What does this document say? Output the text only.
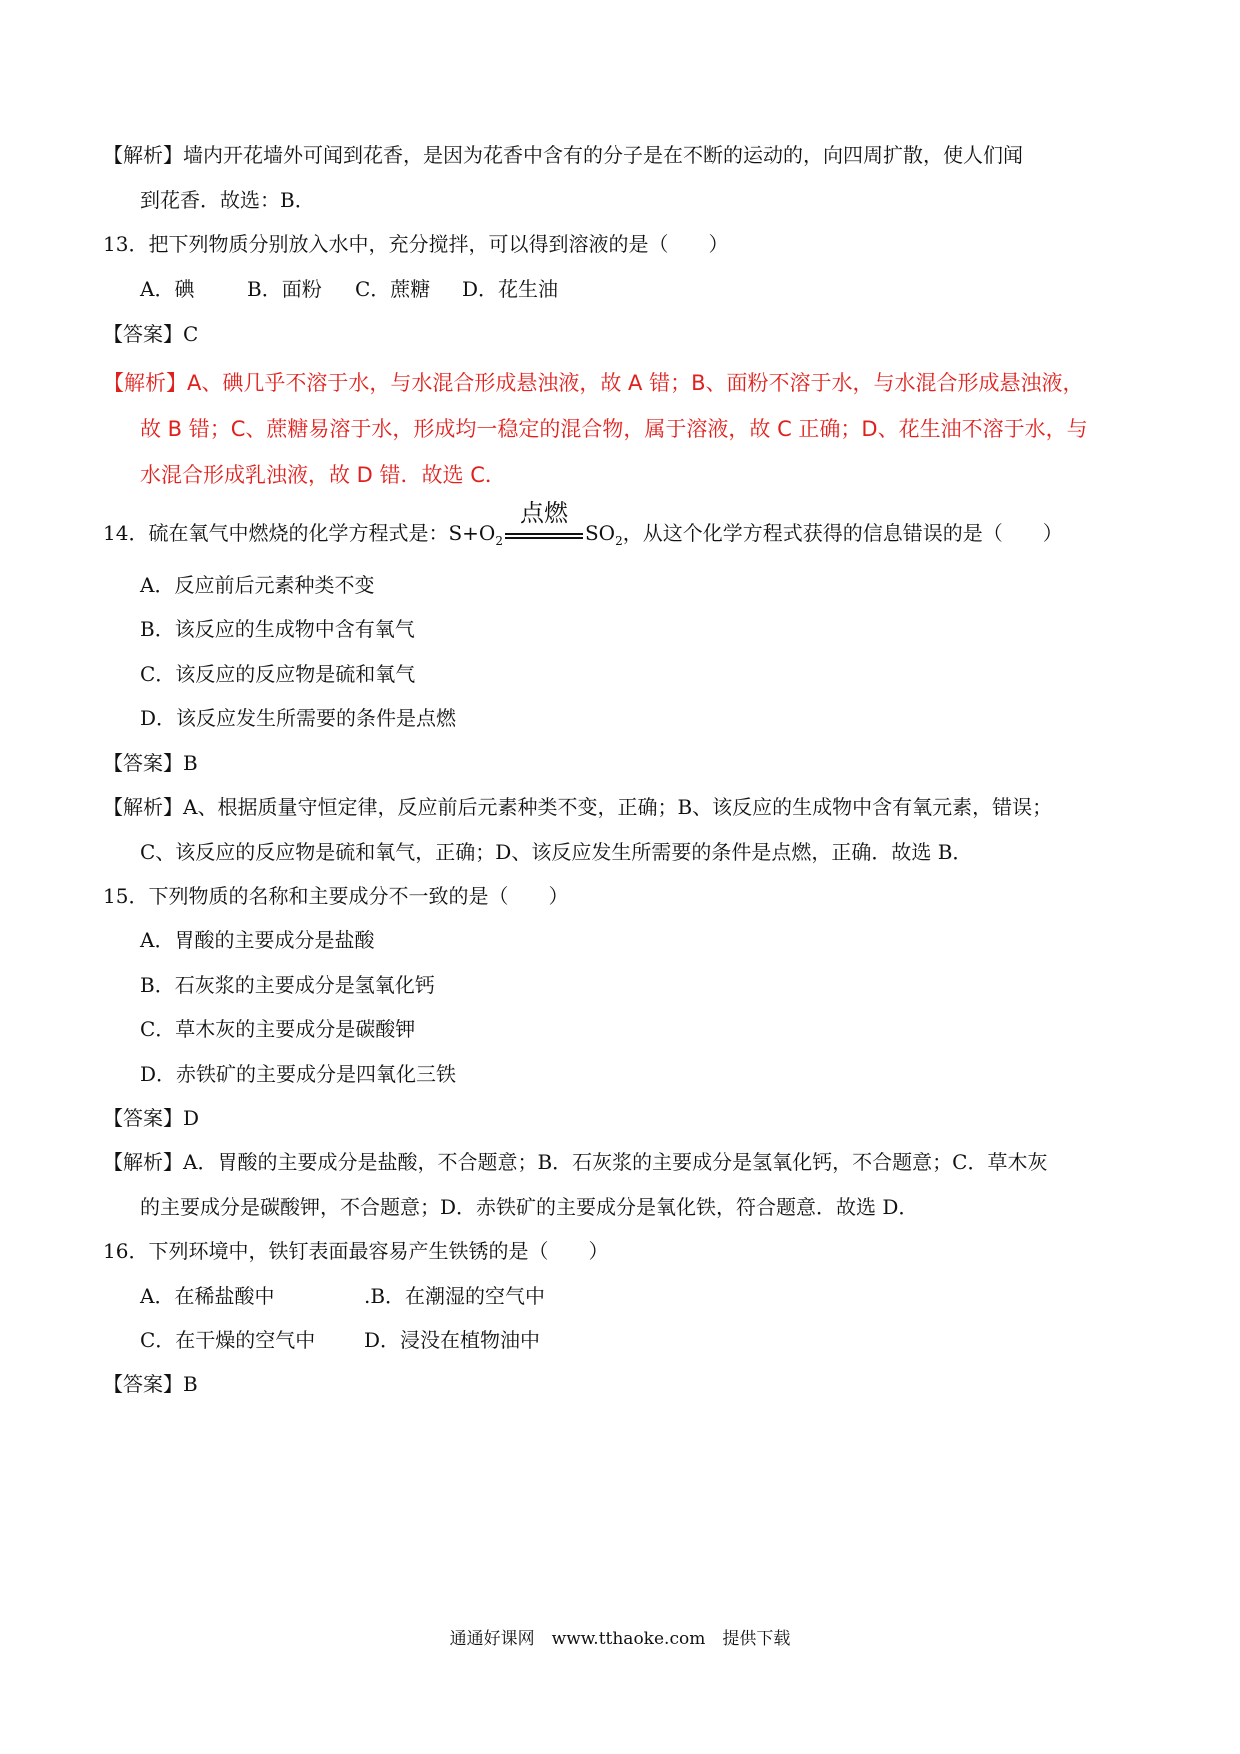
【解析】墙内开花墙外可闻到花香，是因为花香中含有的分子是在不断的运动的，向四周扩散，使人们闻
到花香．故选：B．
13．把下列物质分别放入水中，充分搅拌，可以得到溶液的是（　　）
A．碘	B．面粉 C．蔗糖 D．花生油
【答案】C
【解析】A、碘几乎不溶于水，与水混合形成悬浊液，故 A 错；B、面粉不溶于水，与水混合形成悬浊液，
故 B 错；C、蔗糖易溶于水，形成均一稳定的混合物，属于溶液，故 C 正确；D、花生油不溶于水，与
水混合形成乳浊液，故 D 错．故选 C．
14．硫在氧气中燃烧的化学方程式是：$S+O_2$
点燃
$SO_2$，从这个化学方程式获得的信息错误的是（　　）
A．反应前后元素种类不变
B．该反应的生成物中含有氧气
C．该反应的反应物是硫和氧气
D．该反应发生所需要的条件是点燃
【答案】B
【解析】A、根据质量守恒定律，反应前后元素种类不变，正确；B、该反应的生成物中含有氧元素，错误；
C、该反应的反应物是硫和氧气，正确；D、该反应发生所需要的条件是点燃，正确．故选 B．
15．下列物质的名称和主要成分不一致的是（　　）
A．胃酸的主要成分是盐酸
B．石灰浆的主要成分是氢氧化钙
C．草木灰的主要成分是碳酸钾
D．赤铁矿的主要成分是四氧化三铁
【答案】D
【解析】A．胃酸的主要成分是盐酸，不合题意；B．石灰浆的主要成分是氢氧化钙，不合题意；C．草木灰
的主要成分是碳酸钾，不合题意；D．赤铁矿的主要成分是氧化铁，符合题意．故选 D．
16．下列环境中，铁钉表面最容易产生铁锈的是（　　）
A．在稀盐酸中	.B．在潮湿的空气中
C．在干燥的空气中 D．浸没在植物油中
【答案】B
通通好课网　www.tthaoke.com　提供下载
